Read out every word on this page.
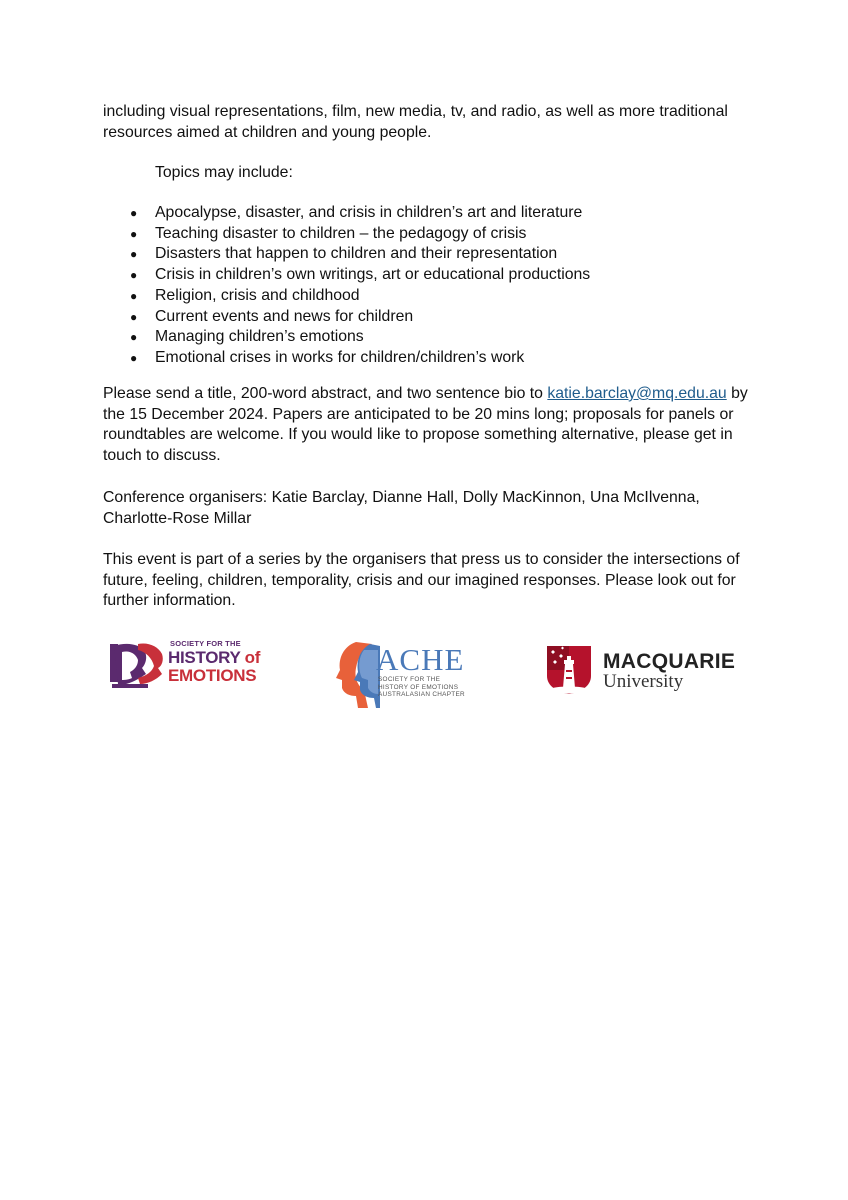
including visual representations, film, new media, tv, and radio, as well as more traditional resources aimed at children and young people.

Topics may include:
● Apocalypse, disaster, and crisis in children’s art and literature
● Teaching disaster to children – the pedagogy of crisis
● Disasters that happen to children and their representation
● Crisis in children’s own writings, art or educational productions
● Religion, crisis and childhood
● Current events and news for children
● Managing children’s emotions
● Emotional crises in works for children/children’s work

Please send a title, 200-word abstract, and two sentence bio to katie.barclay@mq.edu.au by the 15 December 2024. Papers are anticipated to be 20 mins long; proposals for panels or roundtables are welcome. If you would like to propose something alternative, please get in touch to discuss.

Conference organisers: Katie Barclay, Dianne Hall, Dolly MacKinnon, Una McIlvenna, Charlotte-Rose Millar

This event is part of a series by the organisers that press us to consider the intersections of future, feeling, children, temporality, crisis and our imagined responses. Please look out for further information.

SOCIETY FOR THE
HISTORY of
EMOTIONS	ACHE
SOCIETY FOR THE
HISTORY OF EMOTIONS
AUSTRALASIAN CHAPTER
MACQUARIE
University
